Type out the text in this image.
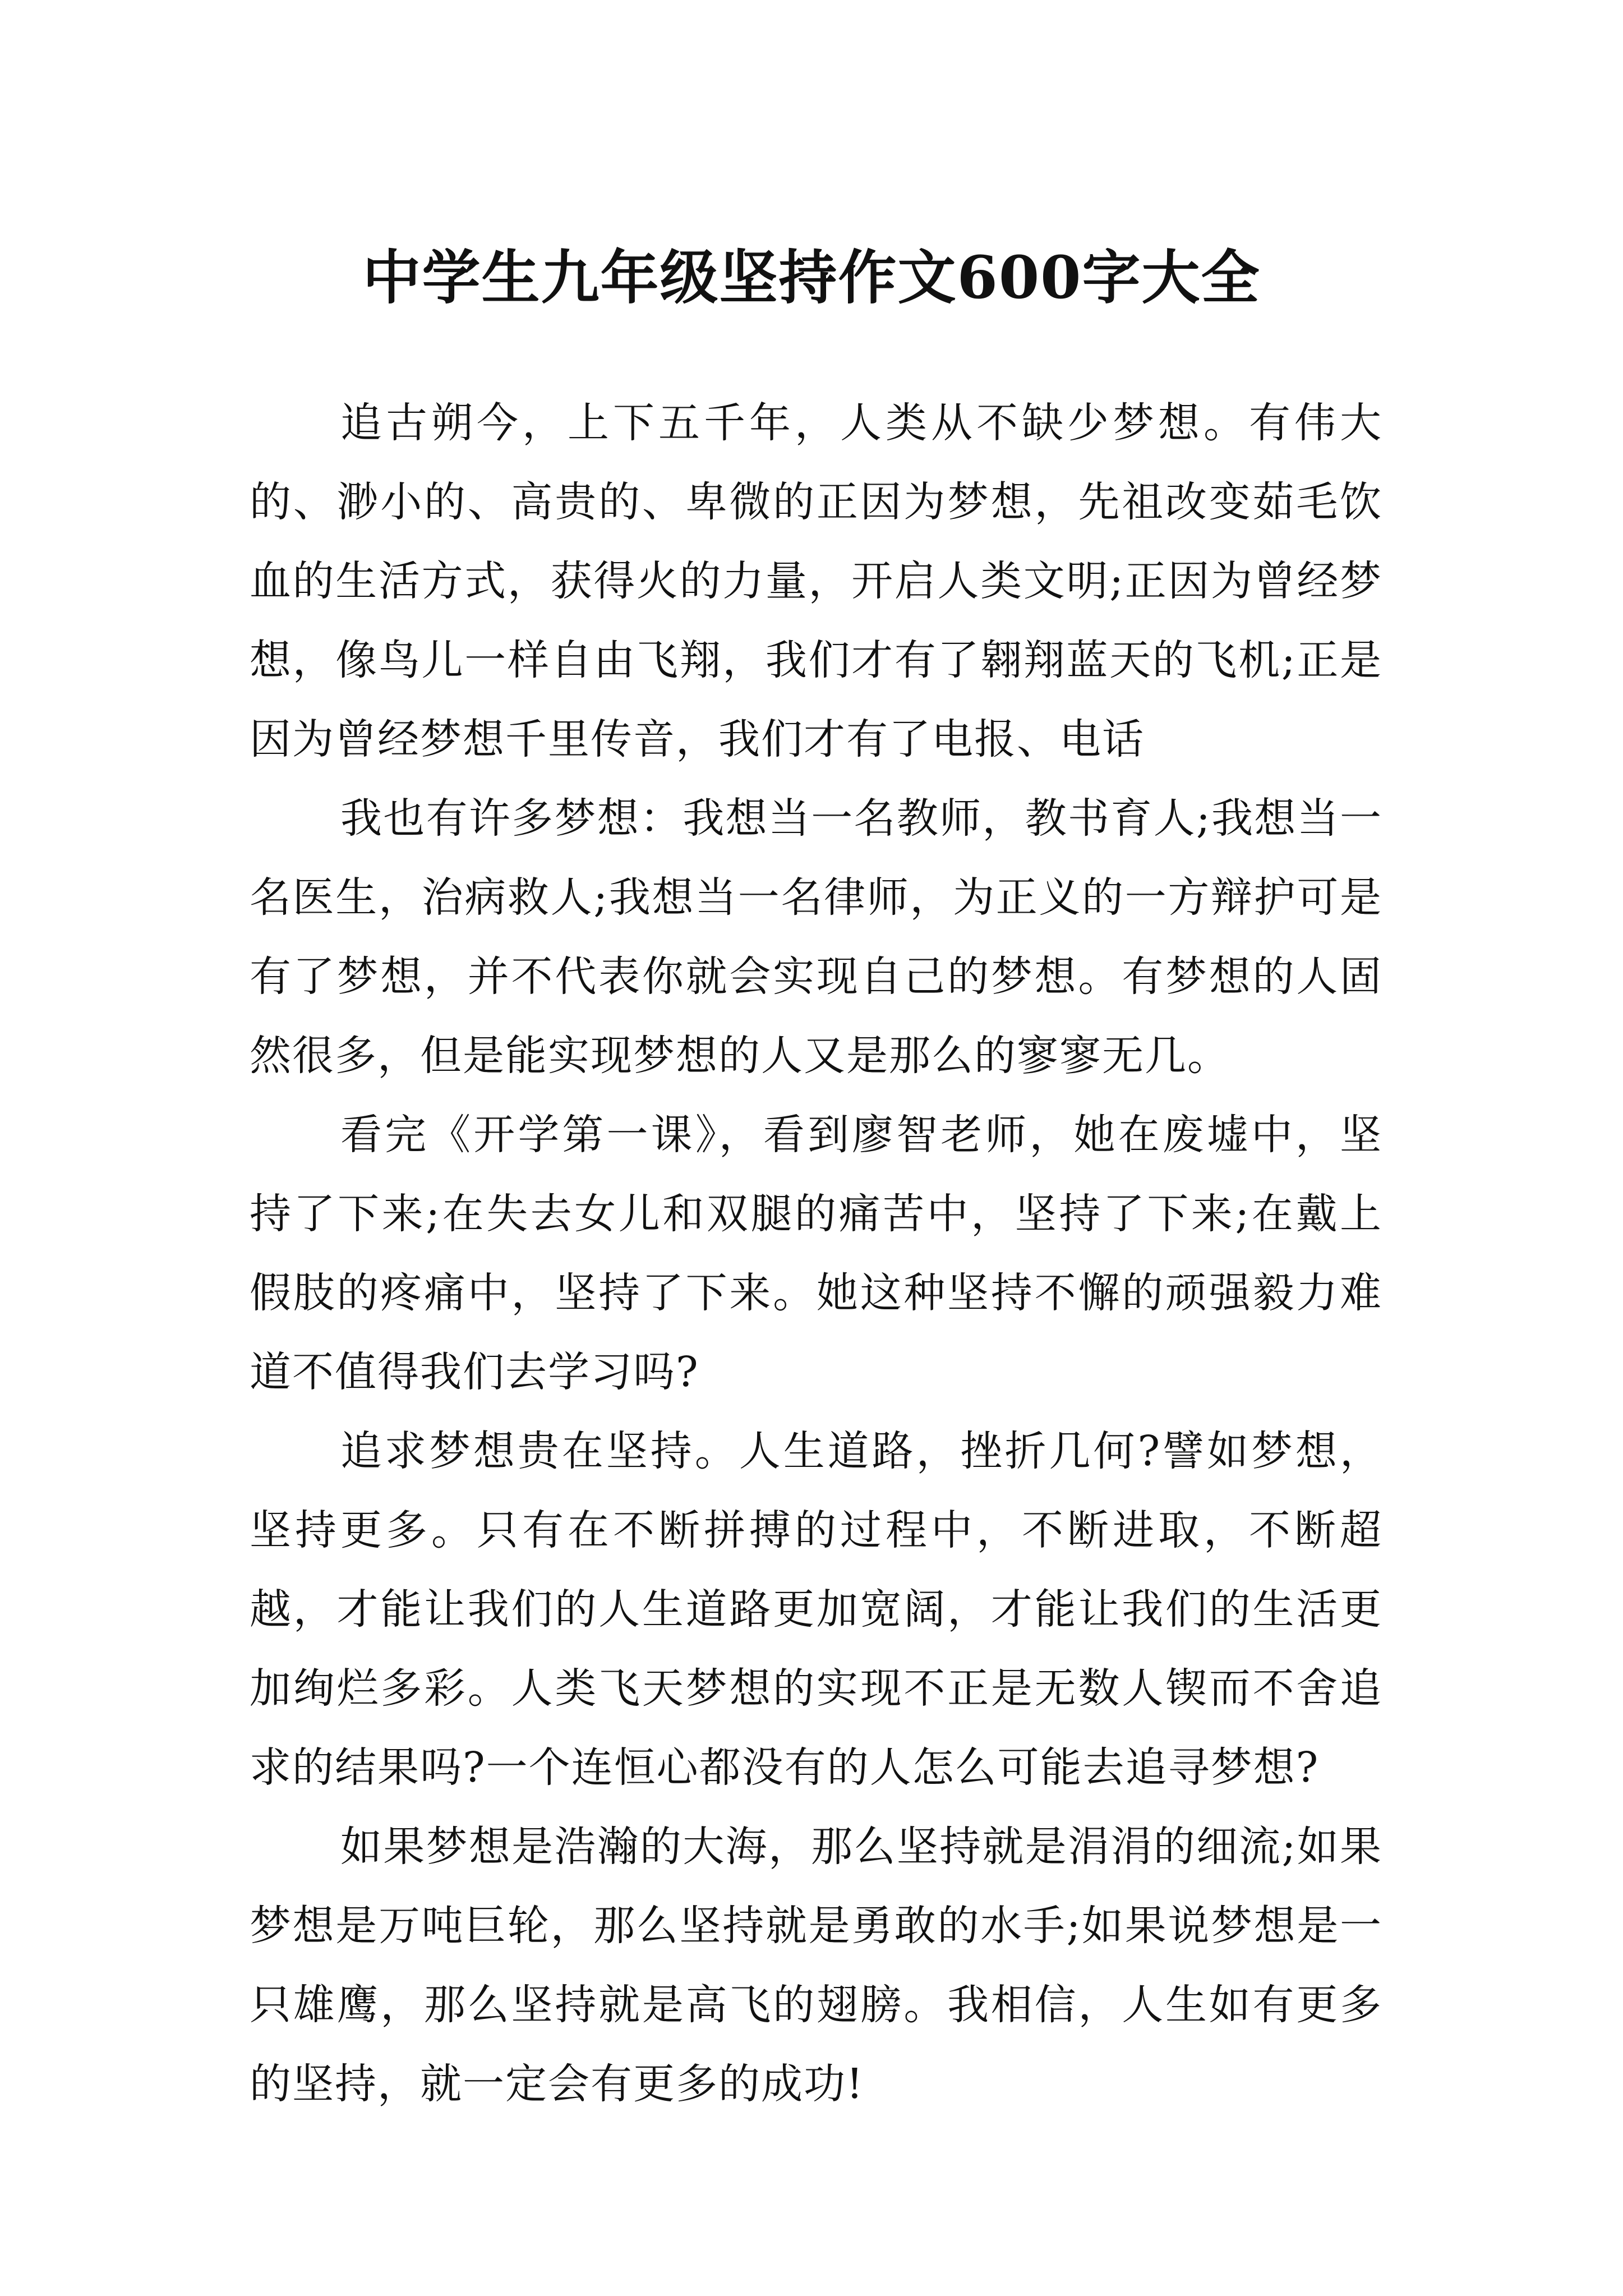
中学生九年级坚持作文600字大全

追古朔今，上下五千年，人类从不缺少梦想。有伟大的、渺小的、高贵的、卑微的正因为梦想，先祖改变茹毛饮血的生活方式，获得火的力量，开启人类文明;正因为曾经梦想，像鸟儿一样自由飞翔，我们才有了翱翔蓝天的飞机;正是因为曾经梦想千里传音，我们才有了电报、电话

我也有许多梦想：我想当一名教师，教书育人;我想当一名医生，治病救人;我想当一名律师，为正义的一方辩护可是有了梦想，并不代表你就会实现自己的梦想。有梦想的人固然很多，但是能实现梦想的人又是那么的寥寥无几。

看完《开学第一课》，看到廖智老师，她在废墟中，坚持了下来;在失去女儿和双腿的痛苦中，坚持了下来;在戴上假肢的疼痛中，坚持了下来。她这种坚持不懈的顽强毅力难道不值得我们去学习吗?

追求梦想贵在坚持。人生道路，挫折几何?譬如梦想，坚持更多。只有在不断拼搏的过程中，不断进取，不断超越，才能让我们的人生道路更加宽阔，才能让我们的生活更加绚烂多彩。人类飞天梦想的实现不正是无数人锲而不舍追求的结果吗?一个连恒心都没有的人怎么可能去追寻梦想?

如果梦想是浩瀚的大海，那么坚持就是涓涓的细流;如果梦想是万吨巨轮，那么坚持就是勇敢的水手;如果说梦想是一只雄鹰，那么坚持就是高飞的翅膀。我相信，人生如有更多的坚持，就一定会有更多的成功!
